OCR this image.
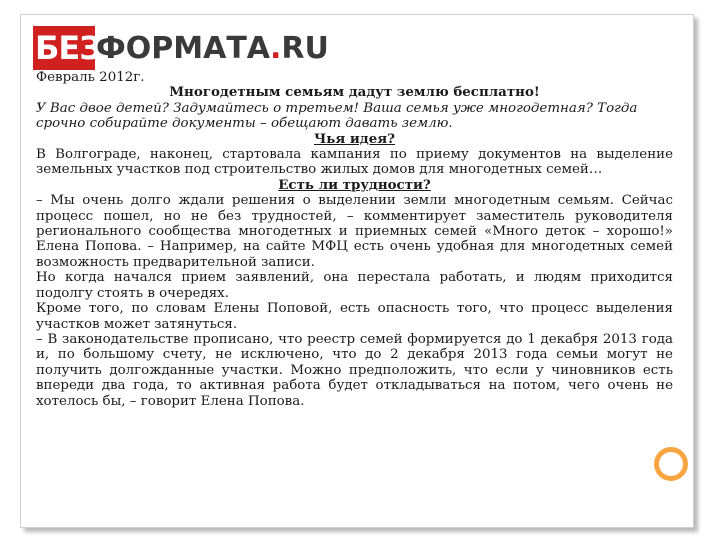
БЕЗ
ФОРМАТА.RU

Февраль 2012г.

Многодетным семьям дадут землю бесплатно!

У Вас двое детей? Задумайтесь о третьем! Ваша семья уже многодетная? Тогда срочно собирайте документы – обещают давать землю.

Чья идея?

В Волгограде, наконец, стартовала кампания по приему документов на выделение земельных участков под строительство жилых домов для многодетных семей…

Есть ли трудности?

– Мы очень долго ждали решения о выделении земли многодетным семьям. Сейчас процесс пошел, но не без трудностей, – комментирует заместитель руководителя регионального сообщества многодетных и приемных семей «Много деток – хорошо!» Елена Попова. – Например, на сайте МФЦ есть очень удобная для многодетных семей возможность предварительной записи.

Но когда начался прием заявлений, она перестала работать, и людям приходится подолгу стоять в очередях.

Кроме того, по словам Елены Поповой, есть опасность того, что процесс выделения участков может затянуться.

– В законодательстве прописано, что реестр семей формируется до 1 декабря 2013 года и, по большому счету, не исключено, что до 2 декабря 2013 года семьи могут не получить долгожданные участки. Можно предположить, что если у чиновников есть впереди два года, то активная работа будет откладываться на потом, чего очень не хотелось бы, – говорит Елена Попова.
